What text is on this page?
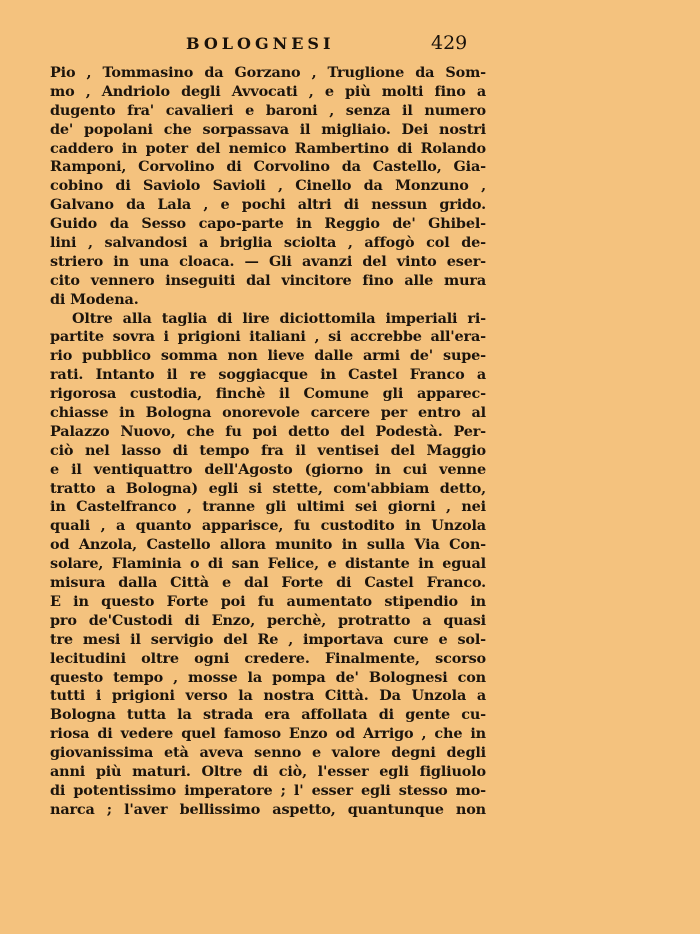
BOLOGNESI	429
Pio , Tommasino da Gorzano , Truglione da Som-
mo , Andriolo degli Avvocati , e più molti fino a
dugento fra' cavalieri e baroni , senza il numero
de' popolani che sorpassava il migliaio. Dei nostri
caddero in poter del nemico Rambertino di Rolando
Ramponi, Corvolino di Corvolino da Castello, Gia-
cobino di Saviolo Savioli , Cinello da Monzuno ,
Galvano da Lala , e pochi altri di nessun grido.
Guido da Sesso capo-parte in Reggio de' Ghibel-
lini , salvandosi a briglia sciolta , affogò col de-
striero in una cloaca. — Gli avanzi del vinto eser-
cito vennero inseguiti dal vincitore fino alle mura
di Modena.
Oltre alla taglia di lire diciottomila imperiali ri-
partite sovra i prigioni italiani , si accrebbe all'era-
rio pubblico somma non lieve dalle armi de' supe-
rati. Intanto il re soggiacque in Castel Franco a
rigorosa custodia, finchè il Comune gli apparec-
chiasse in Bologna onorevole carcere per entro al
Palazzo Nuovo, che fu poi detto del Podestà. Per-
ciò nel lasso di tempo fra il ventisei del Maggio
e il ventiquattro dell'Agosto (giorno in cui venne
tratto a Bologna) egli si stette, com'abbiam detto,
in Castelfranco , tranne gli ultimi sei giorni , nei
quali , a quanto apparisce, fu custodito in Unzola
od Anzola, Castello allora munito in sulla Via Con-
solare, Flaminia o di san Felice, e distante in egual
misura dalla Città e dal Forte di Castel Franco.
E in questo Forte poi fu aumentato stipendio in
pro de'Custodi di Enzo, perchè, protratto a quasi
tre mesi il servigio del Re , importava cure e sol-
lecitudini oltre ogni credere. Finalmente, scorso
questo tempo , mosse la pompa de' Bolognesi con
tutti i prigioni verso la nostra Città. Da Unzola a
Bologna tutta la strada era affollata di gente cu-
riosa di vedere quel famoso Enzo od Arrigo , che in
giovanissima età aveva senno e valore degni degli
anni più maturi. Oltre di ciò, l'esser egli figliuolo
di potentissimo imperatore ; l' esser egli stesso mo-
narca ; l'aver bellissimo aspetto, quantunque non
